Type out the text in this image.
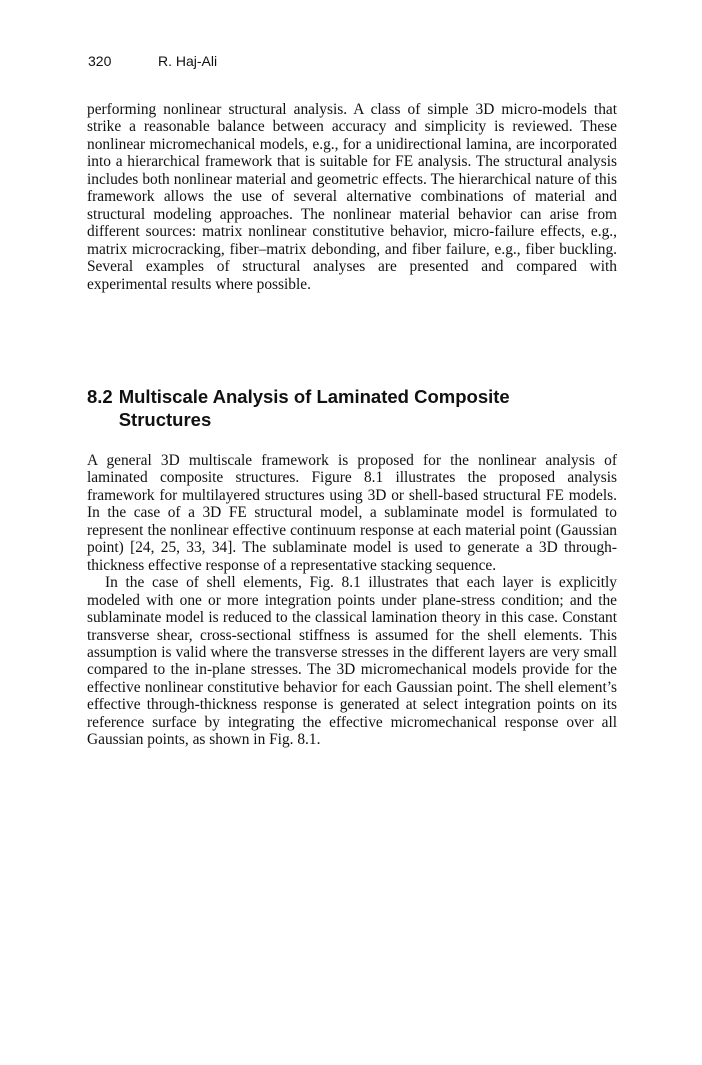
320	R. Haj-Ali

performing nonlinear structural analysis. A class of simple 3D micro-models that strike a reasonable balance between accuracy and simplicity is reviewed. These nonlinear micromechanical models, e.g., for a unidirectional lamina, are incorporated into a hierarchical framework that is suitable for FE analysis. The structural analysis includes both nonlinear material and geometric effects. The hierarchical nature of this framework allows the use of several alternative combinations of material and structural modeling approaches. The nonlinear material behavior can arise from different sources: matrix nonlinear constitutive behavior, micro-failure effects, e.g., matrix microcracking, fiber–matrix debonding, and fiber failure, e.g., fiber buckling. Several examples of structural analyses are presented and compared with experimental results where possible.

8.2 Multiscale Analysis of Laminated Composite Structures

A general 3D multiscale framework is proposed for the nonlinear analysis of laminated composite structures. Figure 8.1 illustrates the proposed analysis framework for multilayered structures using 3D or shell-based structural FE models. In the case of a 3D FE structural model, a sublaminate model is formulated to represent the nonlinear effective continuum response at each material point (Gaussian point) [24, 25, 33, 34]. The sublaminate model is used to generate a 3D through-thickness effective response of a representative stacking sequence.

In the case of shell elements, Fig. 8.1 illustrates that each layer is explicitly modeled with one or more integration points under plane-stress condition; and the sublaminate model is reduced to the classical lamination theory in this case. Constant transverse shear, cross-sectional stiffness is assumed for the shell elements. This assumption is valid where the transverse stresses in the different layers are very small compared to the in-plane stresses. The 3D micromechanical models provide for the effective nonlinear constitutive behavior for each Gaussian point. The shell element’s effective through-thickness response is generated at select integration points on its reference surface by integrating the effective micromechanical response over all Gaussian points, as shown in Fig. 8.1.
